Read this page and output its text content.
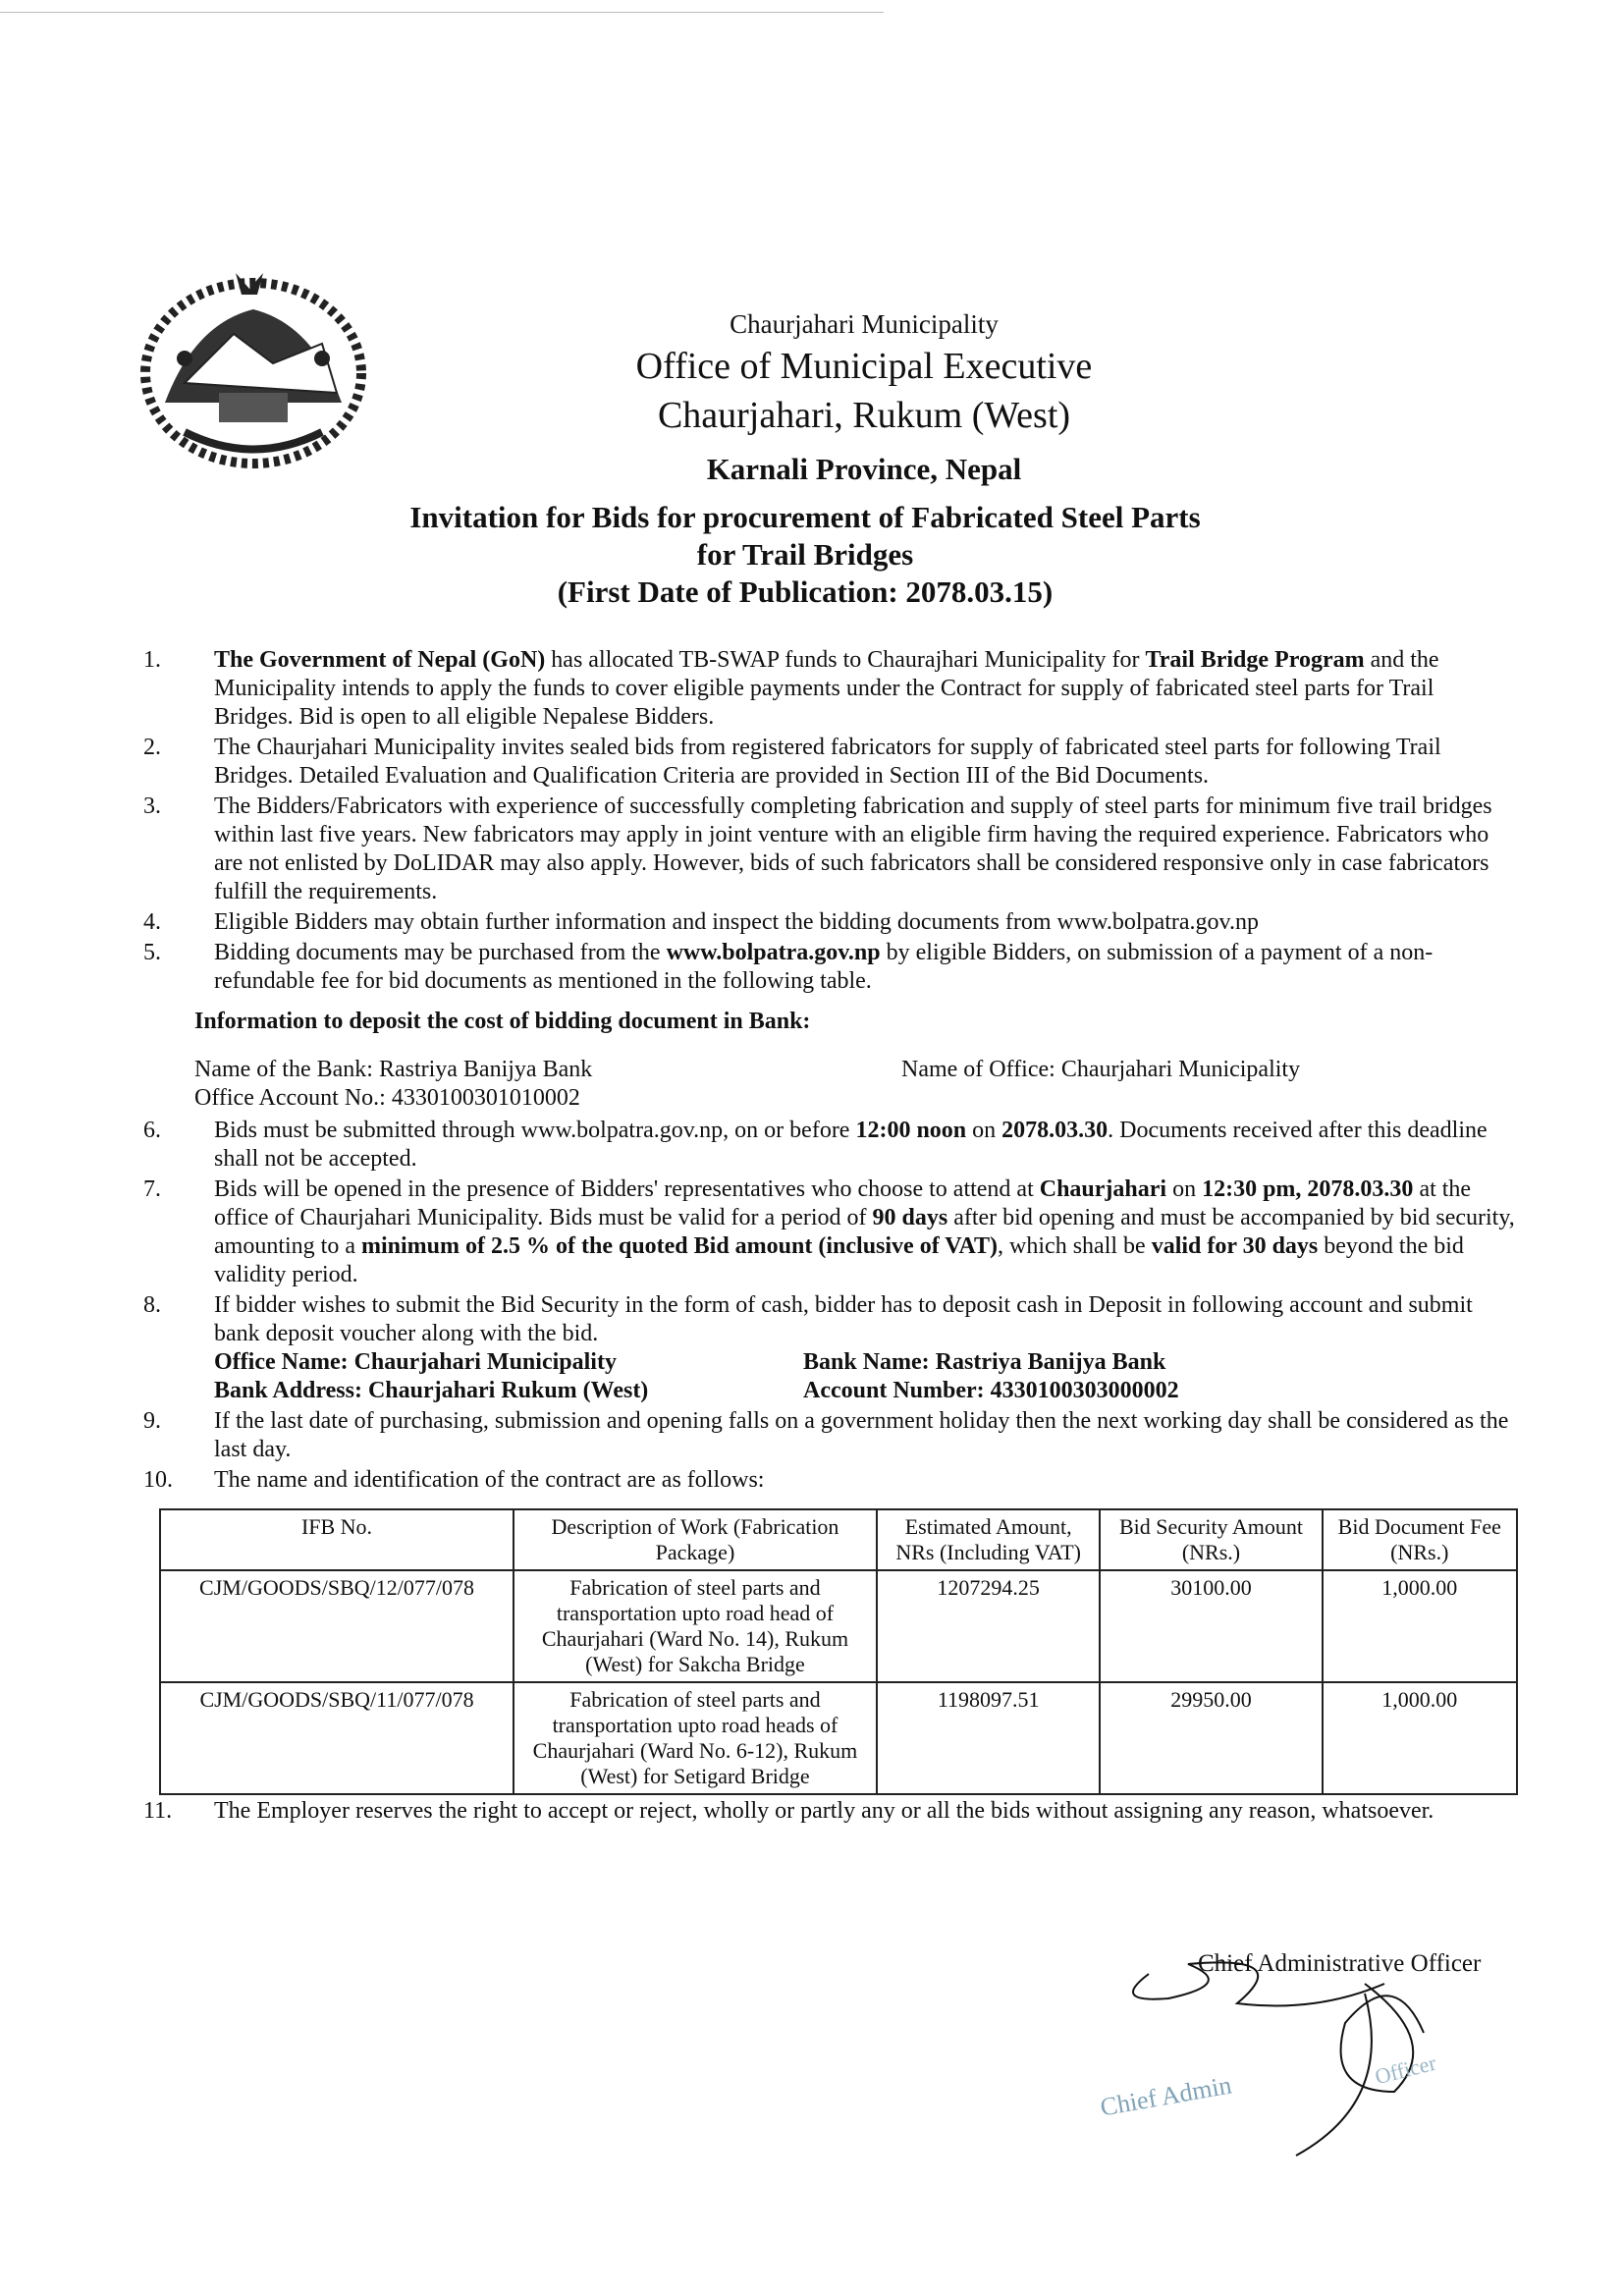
Chaurjahari Municipality
Office of Municipal Executive
Chaurjahari, Rukum (West)
Karnali Province, Nepal
Invitation for Bids for procurement of Fabricated Steel Parts
for Trail Bridges
(First Date of Publication: 2078.03.15)
1. The Government of Nepal (GoN) has allocated TB-SWAP funds to Chaurajhari Municipality for Trail Bridge Program and the Municipality intends to apply the funds to cover eligible payments under the Contract for supply of fabricated steel parts for Trail Bridges. Bid is open to all eligible Nepalese Bidders.
2. The Chaurjahari Municipality invites sealed bids from registered fabricators for supply of fabricated steel parts for following Trail Bridges. Detailed Evaluation and Qualification Criteria are provided in Section III of the Bid Documents.
3. The Bidders/Fabricators with experience of successfully completing fabrication and supply of steel parts for minimum five trail bridges within last five years. New fabricators may apply in joint venture with an eligible firm having the required experience. Fabricators who are not enlisted by DoLIDAR may also apply. However, bids of such fabricators shall be considered responsive only in case fabricators fulfill the requirements.
4. Eligible Bidders may obtain further information and inspect the bidding documents from www.bolpatra.gov.np
5. Bidding documents may be purchased from the www.bolpatra.gov.np by eligible Bidders, on submission of a payment of a non-refundable fee for bid documents as mentioned in the following table.
Information to deposit the cost of bidding document in Bank:
Name of the Bank: Rastriya Banijya Bank	Name of Office: Chaurjahari Municipality
Office Account No.: 4330100301010002
6. Bids must be submitted through www.bolpatra.gov.np, on or before 12:00 noon on 2078.03.30. Documents received after this deadline shall not be accepted.
7. Bids will be opened in the presence of Bidders' representatives who choose to attend at Chaurjahari on 12:30 pm, 2078.03.30 at the office of Chaurjahari Municipality. Bids must be valid for a period of 90 days after bid opening and must be accompanied by bid security, amounting to a minimum of 2.5 % of the quoted Bid amount (inclusive of VAT), which shall be valid for 30 days beyond the bid validity period.
8. If bidder wishes to submit the Bid Security in the form of cash, bidder has to deposit cash in Deposit in following account and submit bank deposit voucher along with the bid.
Office Name: Chaurjahari Municipality	Bank Name: Rastriya Banijya Bank
Bank Address: Chaurjahari Rukum (West)	Account Number: 4330100303000002
9. If the last date of purchasing, submission and opening falls on a government holiday then the next working day shall be considered as the last day.
10. The name and identification of the contract are as follows:
IFB No.	Description of Work (Fabrication Package)	Estimated Amount, NRs (Including VAT)	Bid Security Amount (NRs.)	Bid Document Fee (NRs.)
CJM/GOODS/SBQ/12/077/078	Fabrication of steel parts and transportation upto road head of Chaurjahari (Ward No. 14), Rukum (West) for Sakcha Bridge	1207294.25	30100.00	1,000.00
CJM/GOODS/SBQ/11/077/078	Fabrication of steel parts and transportation upto road heads of Chaurjahari (Ward No. 6-12), Rukum (West) for Setigard Bridge	1198097.51	29950.00	1,000.00
11. The Employer reserves the right to accept or reject, wholly or partly any or all the bids without assigning any reason, whatsoever.
Chief Administrative Officer
Chief Admin
Officer
